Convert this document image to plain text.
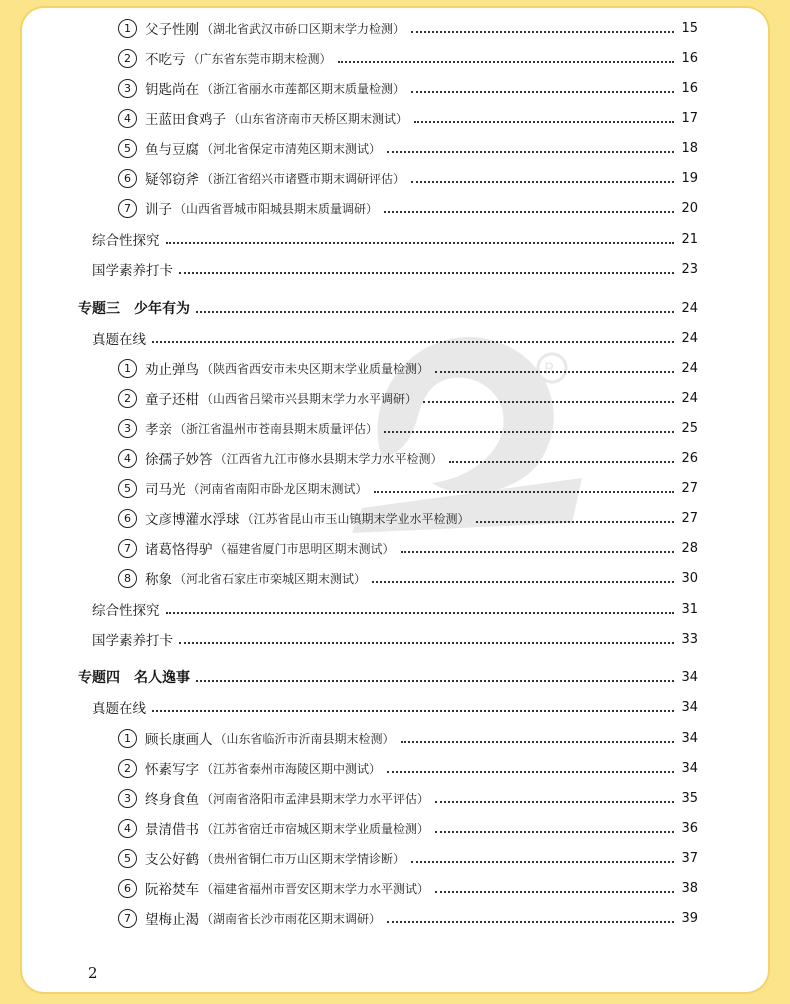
R
1	父子性刚 （湖北省武汉市硚口区期末学力检测）	15
2	不吃亏 （广东省东莞市期末检测）	16
3	钥匙尚在 （浙江省丽水市莲都区期末质量检测）	16
4	王蓝田食鸡子 （山东省济南市天桥区期末测试）	17
5	鱼与豆腐 （河北省保定市清苑区期末测试）	18
6	疑邻窃斧 （浙江省绍兴市诸暨市期末调研评估）	19
7	训子 （山西省晋城市阳城县期末质量调研）	20
综合性探究	21
国学素养打卡	23
专题三　少年有为	24
真题在线	24
1	劝止弹鸟 （陕西省西安市未央区期末学业质量检测）	24
2	童子还柑 （山西省吕梁市兴县期末学力水平调研）	24
3	孝亲 （浙江省温州市苍南县期末质量评估）	25
4	徐孺子妙答 （江西省九江市修水县期末学力水平检测）	26
5	司马光 （河南省南阳市卧龙区期末测试）	27
6	文彦博灌水浮球 （江苏省昆山市玉山镇期末学业水平检测）	27
7	诸葛恪得驴 （福建省厦门市思明区期末测试）	28
8	称象 （河北省石家庄市栾城区期末测试）	30
综合性探究	31
国学素养打卡	33
专题四　名人逸事	34
真题在线	34
1	顾长康画人 （山东省临沂市沂南县期末检测）	34
2	怀素写字 （江苏省泰州市海陵区期中测试）	34
3	终身食鱼 （河南省洛阳市孟津县期末学力水平评估）	35
4	景清借书 （江苏省宿迁市宿城区期末学业质量检测）	36
5	支公好鹤 （贵州省铜仁市万山区期末学情诊断）	37
6	阮裕焚车 （福建省福州市晋安区期末学力水平测试）	38
7	望梅止渴 （湖南省长沙市雨花区期末调研）	39
2
